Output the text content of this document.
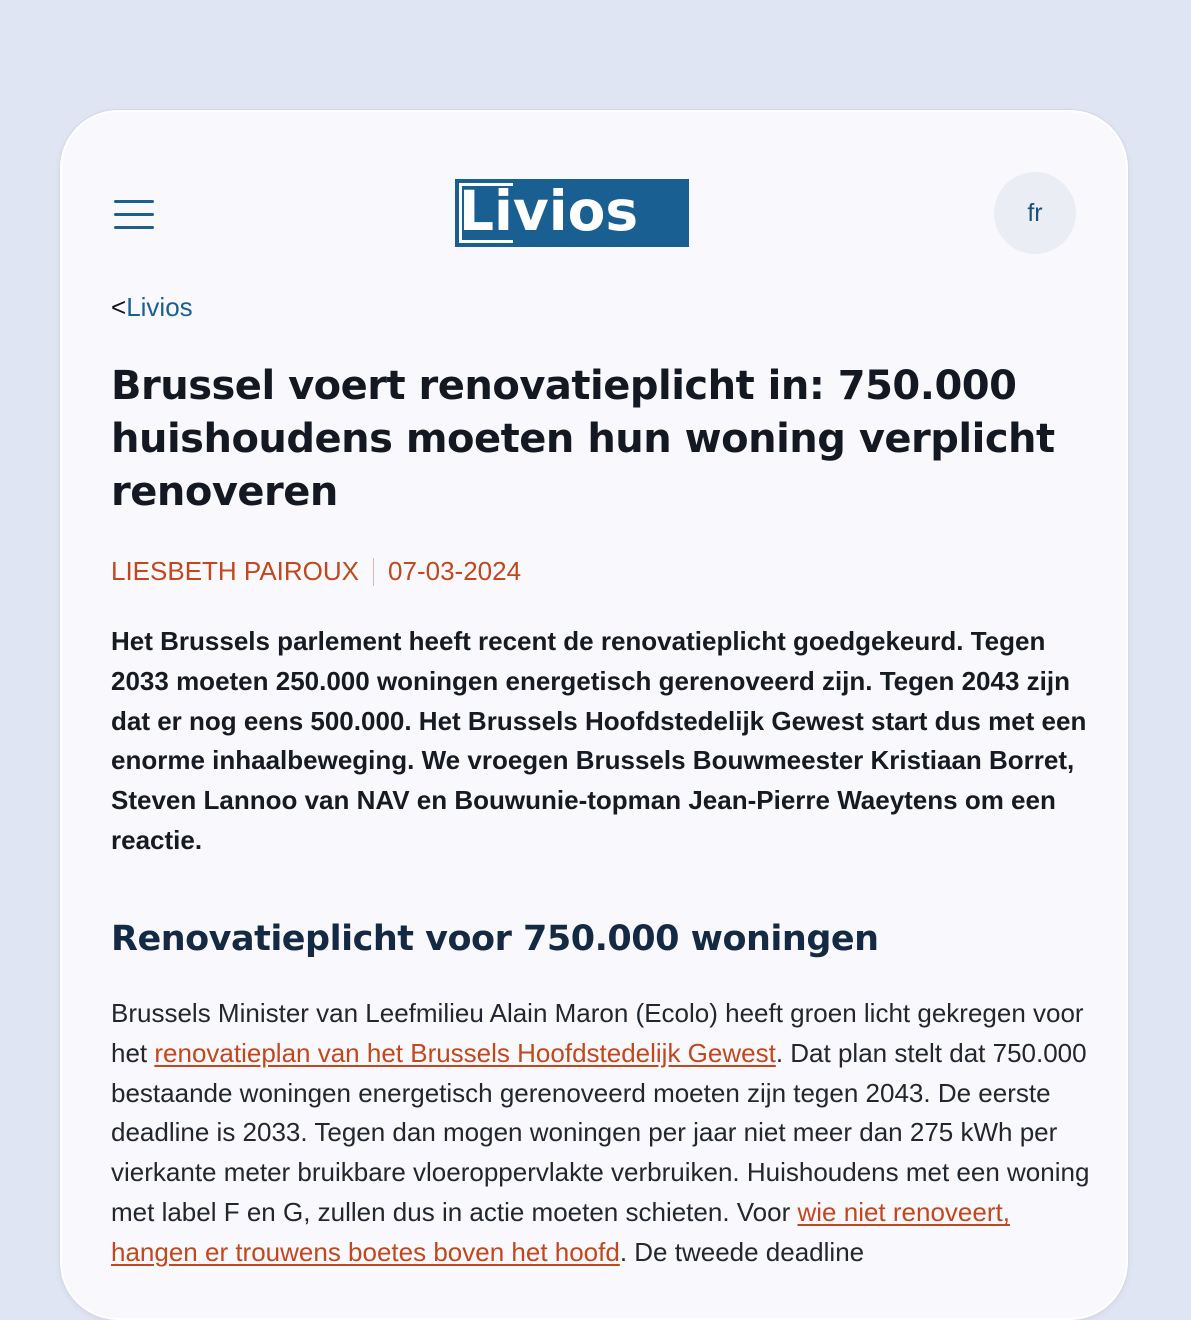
Livios	fr
<Livios
Brussel voert renovatieplicht in: 750.000 huishoudens moeten hun woning verplicht renoveren
LIESBETH PAIROUX 07-03-2024

Het Brussels parlement heeft recent de renovatieplicht goedgekeurd. Tegen 2033 moeten 250.000 woningen energetisch gerenoveerd zijn. Tegen 2043 zijn dat er nog eens 500.000. Het Brussels Hoofdstedelijk Gewest start dus met een enorme inhaalbeweging. We vroegen Brussels Bouwmeester Kristiaan Borret, Steven Lannoo van NAV en Bouwunie-topman Jean-Pierre Waeytens om een reactie.

Renovatieplicht voor 750.000 woningen

Brussels Minister van Leefmilieu Alain Maron (Ecolo) heeft groen licht gekregen voor het renovatieplan van het Brussels Hoofdstedelijk Gewest. Dat plan stelt dat 750.000 bestaande woningen energetisch gerenoveerd moeten zijn tegen 2043. De eerste deadline is 2033. Tegen dan mogen woningen per jaar niet meer dan 275 kWh per vierkante meter bruikbare vloeroppervlakte verbruiken. Huishoudens met een woning met label F en G, zullen dus in actie moeten schieten. Voor wie niet renoveert, hangen er trouwens boetes boven het hoofd. De tweede deadline
